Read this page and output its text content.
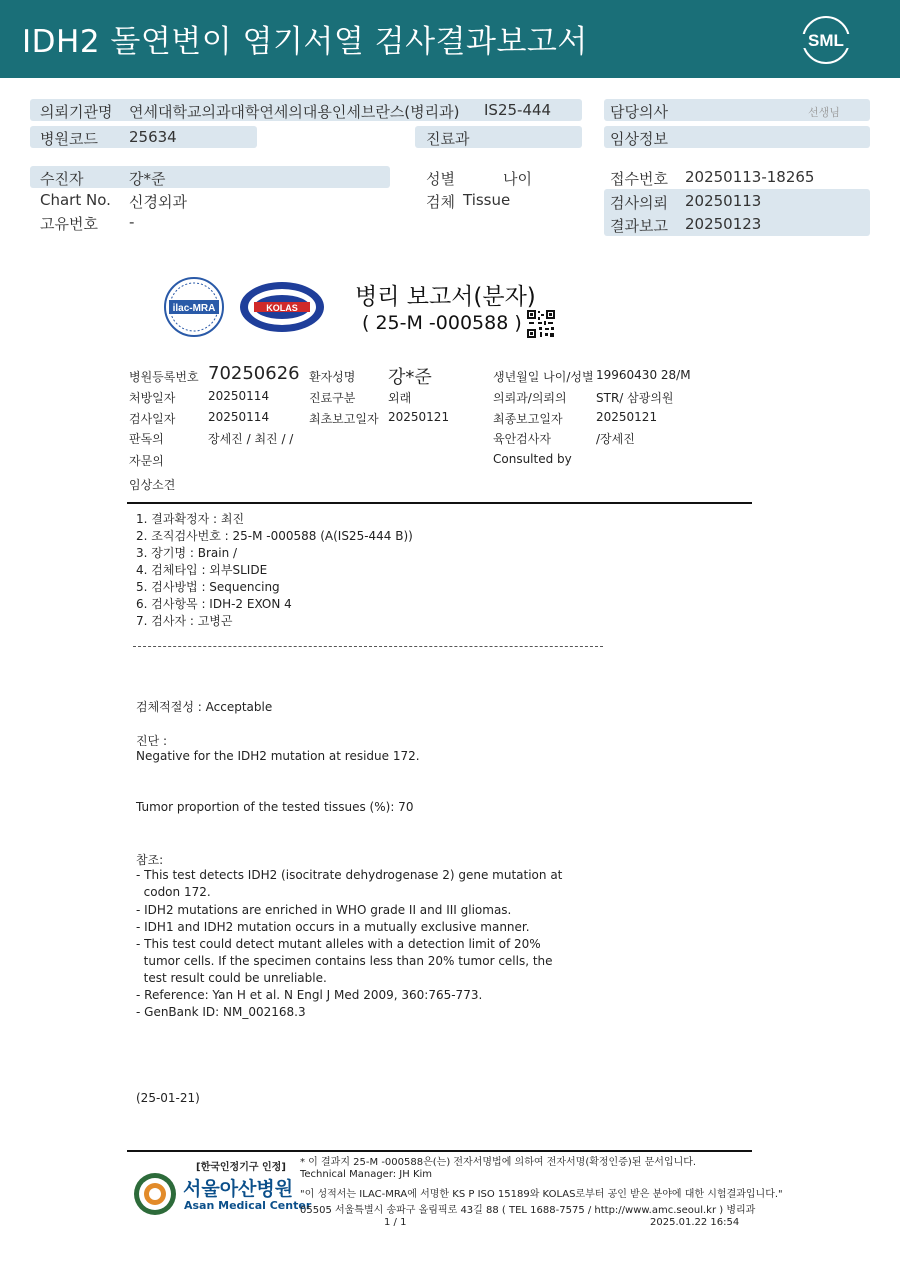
IDH2 돌연변이 염기서열 검사결과보고서	SML
의뢰기관명 연세대학교의과대학연세의대용인세브란스(병리과) IS25-444	담당의사	선생님
병원코드 25634	진료과	임상정보
수진자	강*준	성별	나이	접수번호 20250113-18265
Chart No. 신경외과	검체 Tissue	검사의뢰 20250113
결과보고 20250123
고유번호 -
ilac-MRA	KOLAS 병리 보고서(분자)
( 25-M -000588 )
병원등록번호 70250626 환자성명 강*준	생년월일 나이/성별 19960430 28/M
처방일자	20250114	진료구분	외래	의뢰과/의뢰의 STR/ 삼광의원
검사일자	20250114	최초보고일자 20250121	최종보고일자	20250121
판독의	장세진 / 최진 / /	육안검사자	/장세진
자문의	Consulted by
임상소견
1. 결과확정자 : 최진
2. 조직검사번호 : 25-M -000588 (A(IS25-444 B))
3. 장기명 : Brain /
4. 검체타입 : 외부SLIDE
5. 검사방법 : Sequencing
6. 검사항목 : IDH-2 EXON 4
7. 검사자 : 고병곤
검체적절성 : Acceptable
진단 :
Negative for the IDH2 mutation at residue 172.
Tumor proportion of the tested tissues (%): 70
참조:
- This test detects IDH2 (isocitrate dehydrogenase 2) gene mutation at
codon 172.
- IDH2 mutations are enriched in WHO grade II and III gliomas.
- IDH1 and IDH2 mutation occurs in a mutually exclusive manner.
- This test could detect mutant alleles with a detection limit of 20%
tumor cells. If the specimen contains less than 20% tumor cells, the
test result could be unreliable.
- Reference: Yan H et al. N Engl J Med 2009, 360:765-773.
- GenBank ID: NM_002168.3
(25-01-21)
[한국인정기구 인정]
서울아산병원
Asan Medical Center
* 이 결과지 25-M -000588은(는) 전자서명법에 의하여 전자서명(확정인증)된 문서입니다.
Technical Manager: JH Kim
"이 성적서는 ILAC-MRA에 서명한 KS P ISO 15189와 KOLAS로부터 공인 받은 분야에 대한 시험결과입니다."
05505 서울특별시 송파구 올림픽로 43길 88 ( TEL 1688-7575 / http://www.amc.seoul.kr ) 병리과
1 / 1	2025.01.22 16:54
